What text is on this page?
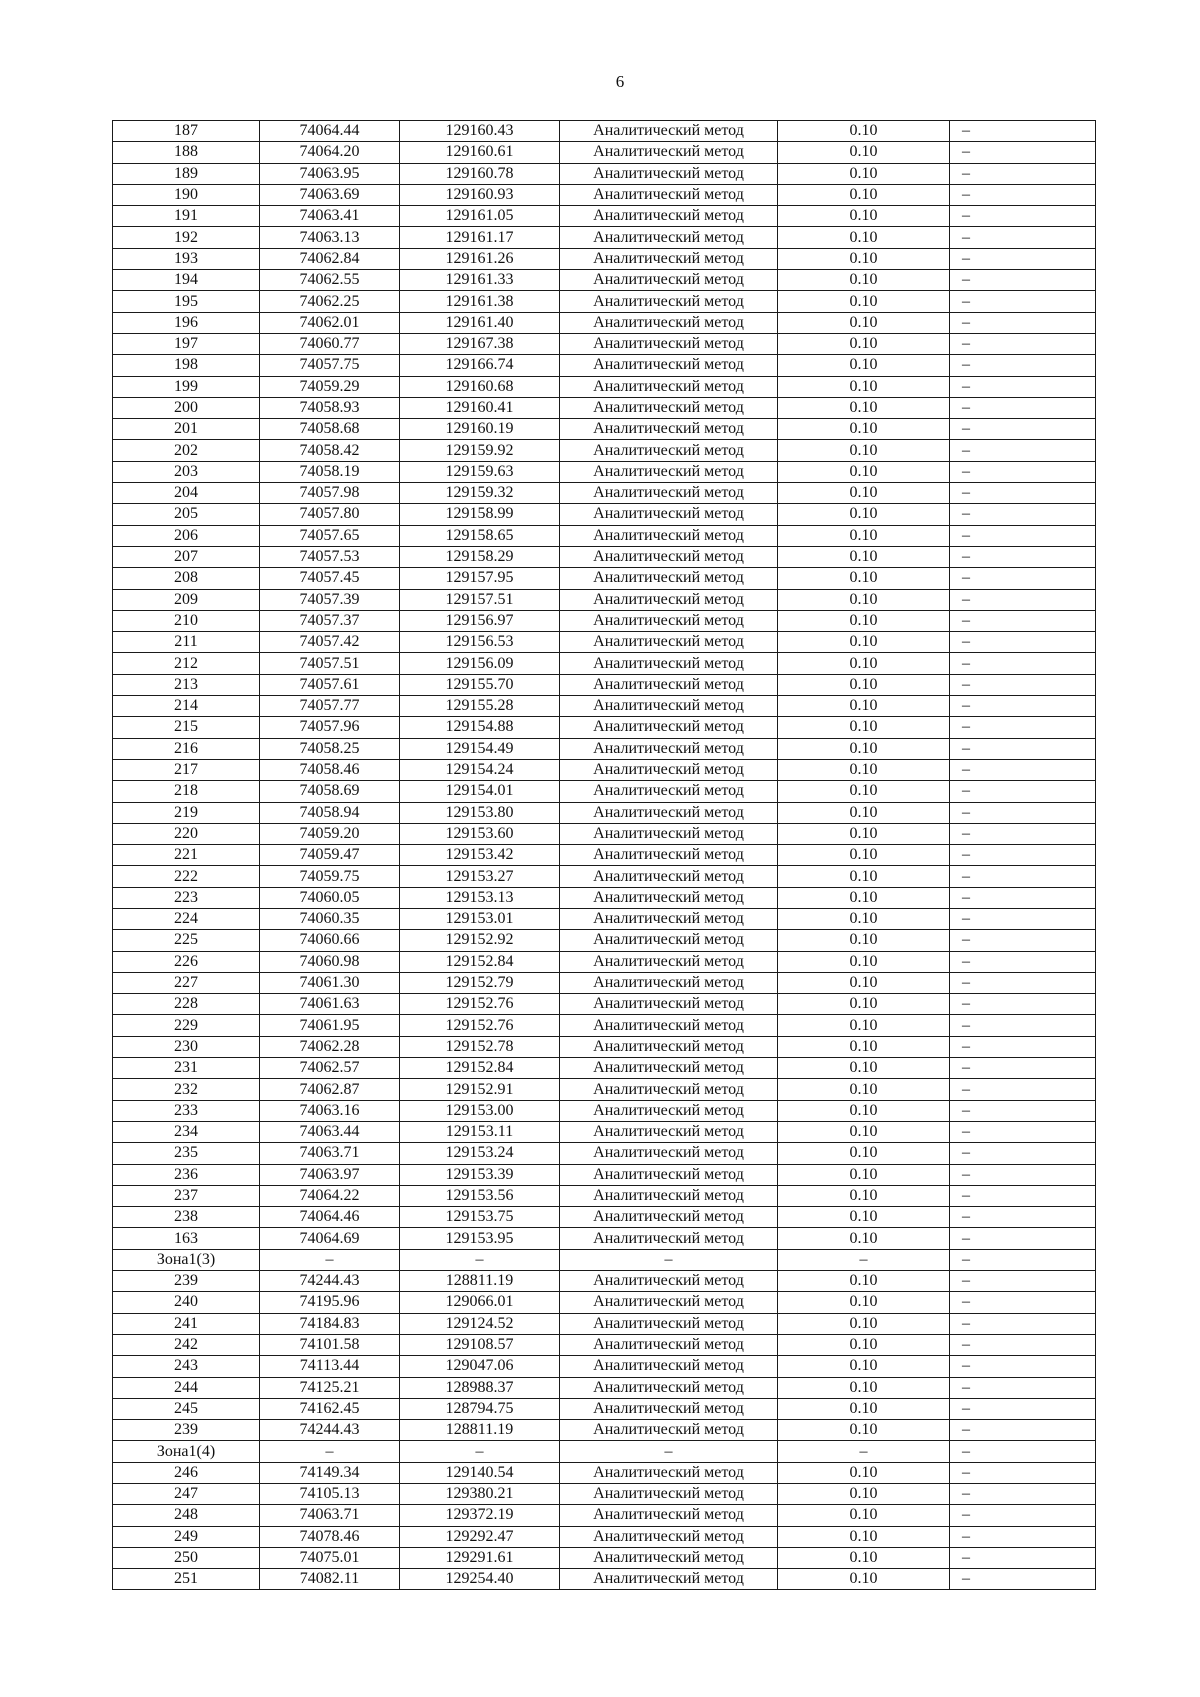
6
187	74064.44	129160.43	Аналитический метод	0.10	–
188	74064.20	129160.61	Аналитический метод	0.10	–
189	74063.95	129160.78	Аналитический метод	0.10	–
190	74063.69	129160.93	Аналитический метод	0.10	–
191	74063.41	129161.05	Аналитический метод	0.10	–
192	74063.13	129161.17	Аналитический метод	0.10	–
193	74062.84	129161.26	Аналитический метод	0.10	–
194	74062.55	129161.33	Аналитический метод	0.10	–
195	74062.25	129161.38	Аналитический метод	0.10	–
196	74062.01	129161.40	Аналитический метод	0.10	–
197	74060.77	129167.38	Аналитический метод	0.10	–
198	74057.75	129166.74	Аналитический метод	0.10	–
199	74059.29	129160.68	Аналитический метод	0.10	–
200	74058.93	129160.41	Аналитический метод	0.10	–
201	74058.68	129160.19	Аналитический метод	0.10	–
202	74058.42	129159.92	Аналитический метод	0.10	–
203	74058.19	129159.63	Аналитический метод	0.10	–
204	74057.98	129159.32	Аналитический метод	0.10	–
205	74057.80	129158.99	Аналитический метод	0.10	–
206	74057.65	129158.65	Аналитический метод	0.10	–
207	74057.53	129158.29	Аналитический метод	0.10	–
208	74057.45	129157.95	Аналитический метод	0.10	–
209	74057.39	129157.51	Аналитический метод	0.10	–
210	74057.37	129156.97	Аналитический метод	0.10	–
211	74057.42	129156.53	Аналитический метод	0.10	–
212	74057.51	129156.09	Аналитический метод	0.10	–
213	74057.61	129155.70	Аналитический метод	0.10	–
214	74057.77	129155.28	Аналитический метод	0.10	–
215	74057.96	129154.88	Аналитический метод	0.10	–
216	74058.25	129154.49	Аналитический метод	0.10	–
217	74058.46	129154.24	Аналитический метод	0.10	–
218	74058.69	129154.01	Аналитический метод	0.10	–
219	74058.94	129153.80	Аналитический метод	0.10	–
220	74059.20	129153.60	Аналитический метод	0.10	–
221	74059.47	129153.42	Аналитический метод	0.10	–
222	74059.75	129153.27	Аналитический метод	0.10	–
223	74060.05	129153.13	Аналитический метод	0.10	–
224	74060.35	129153.01	Аналитический метод	0.10	–
225	74060.66	129152.92	Аналитический метод	0.10	–
226	74060.98	129152.84	Аналитический метод	0.10	–
227	74061.30	129152.79	Аналитический метод	0.10	–
228	74061.63	129152.76	Аналитический метод	0.10	–
229	74061.95	129152.76	Аналитический метод	0.10	–
230	74062.28	129152.78	Аналитический метод	0.10	–
231	74062.57	129152.84	Аналитический метод	0.10	–
232	74062.87	129152.91	Аналитический метод	0.10	–
233	74063.16	129153.00	Аналитический метод	0.10	–
234	74063.44	129153.11	Аналитический метод	0.10	–
235	74063.71	129153.24	Аналитический метод	0.10	–
236	74063.97	129153.39	Аналитический метод	0.10	–
237	74064.22	129153.56	Аналитический метод	0.10	–
238	74064.46	129153.75	Аналитический метод	0.10	–
163	74064.69	129153.95	Аналитический метод	0.10	–
Зона1(3)	–	–	–	–	–
239	74244.43	128811.19	Аналитический метод	0.10	–
240	74195.96	129066.01	Аналитический метод	0.10	–
241	74184.83	129124.52	Аналитический метод	0.10	–
242	74101.58	129108.57	Аналитический метод	0.10	–
243	74113.44	129047.06	Аналитический метод	0.10	–
244	74125.21	128988.37	Аналитический метод	0.10	–
245	74162.45	128794.75	Аналитический метод	0.10	–
239	74244.43	128811.19	Аналитический метод	0.10	–
Зона1(4)	–	–	–	–	–
246	74149.34	129140.54	Аналитический метод	0.10	–
247	74105.13	129380.21	Аналитический метод	0.10	–
248	74063.71	129372.19	Аналитический метод	0.10	–
249	74078.46	129292.47	Аналитический метод	0.10	–
250	74075.01	129291.61	Аналитический метод	0.10	–
251	74082.11	129254.40	Аналитический метод	0.10	–
